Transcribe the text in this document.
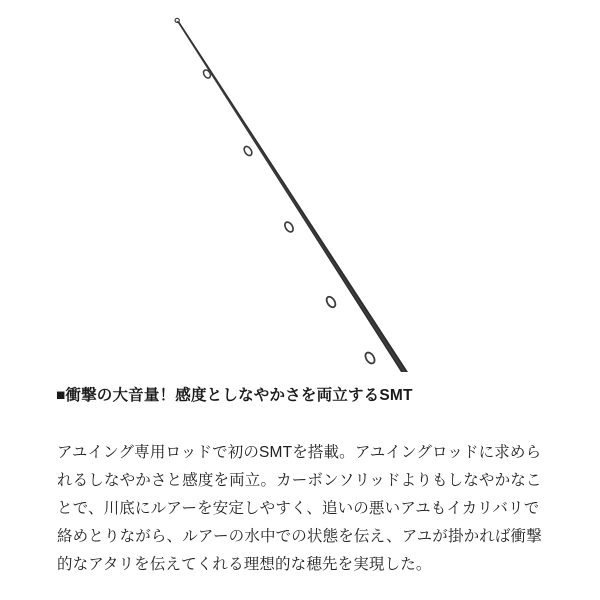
■衝撃の大音量！感度としなやかさを両立するSMT

アユイング専用ロッドで初のSMTを搭載。アユイングロッドに求められるしなやかさと感度を両立。カーボンソリッドよりもしなやかなことで、川底にルアーを安定しやすく、追いの悪いアユもイカリバリで絡めとりながら、ルアーの水中での状態を伝え、アユが掛かれば衝撃的なアタリを伝えてくれる理想的な穂先を実現した。
